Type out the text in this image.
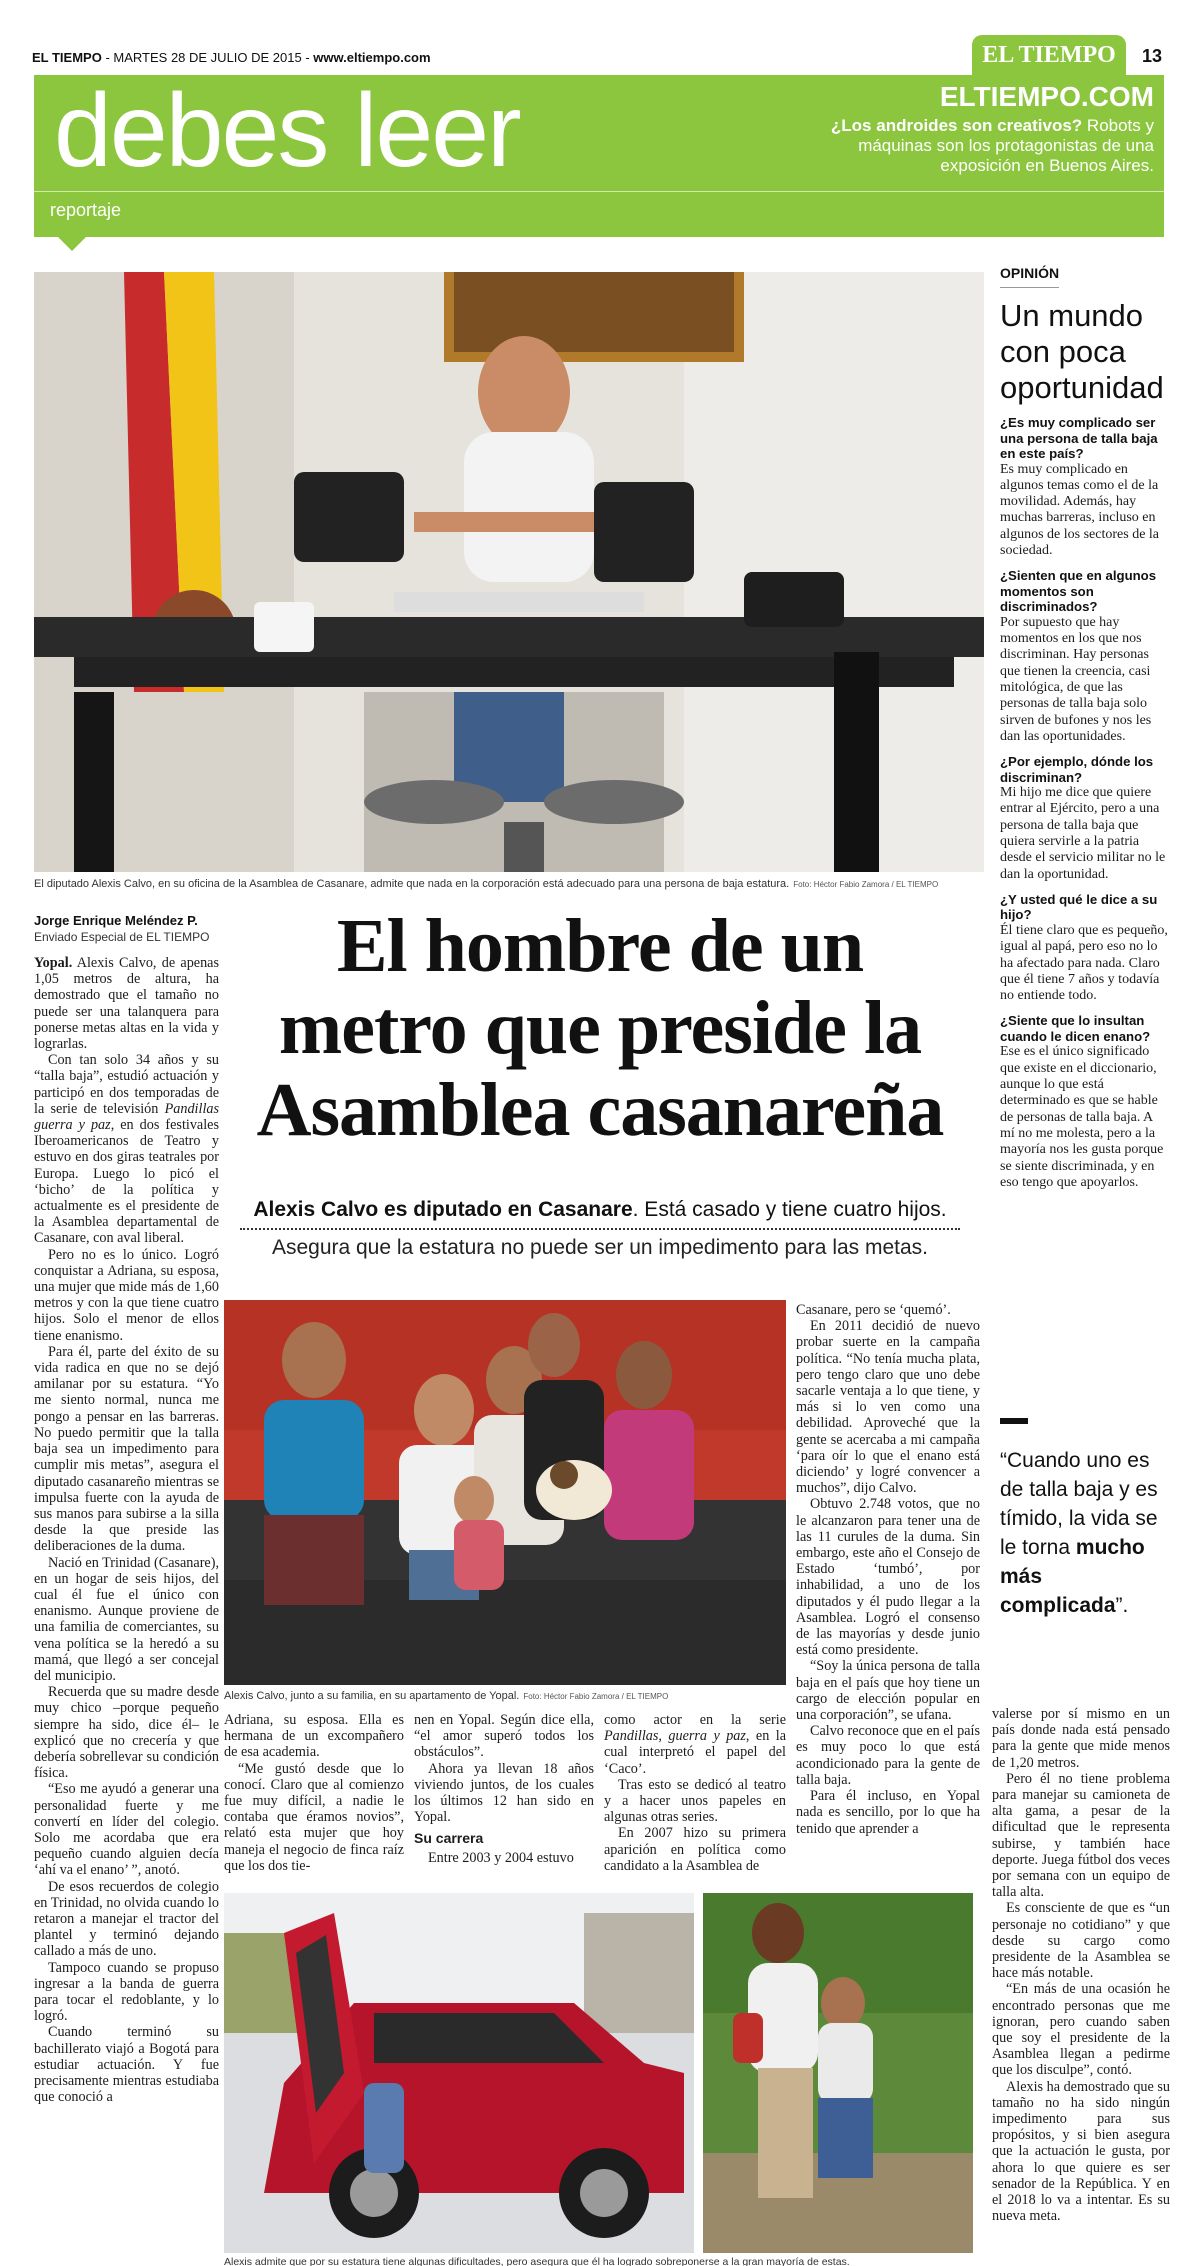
EL TIEMPO - MARTES 28 DE JULIO DE 2015 - www.eltiempo.com	EL TIEMPO	13
debes leer
reportaje
ELTIEMPO.COM
¿Los androides son creativos? Robots y máquinas son los protagonistas de una exposición en Buenos Aires.
El diputado Alexis Calvo, en su oficina de la Asamblea de Casanare, admite que nada en la corporación está adecuado para una persona de baja estatura. Foto: Héctor Fabio Zamora / EL TIEMPO
Jorge Enrique Meléndez P.
Enviado Especial de EL TIEMPO	El hombre de un
metro que preside la
Asamblea casanareña
Alexis Calvo es diputado en Casanare. Está casado y tiene cuatro hijos.
Asegura que la estatura no puede ser un impedimento para las metas.
Alexis Calvo, junto a su familia, en su apartamento de Yopal. Foto: Héctor Fabio Zamora / EL TIEMPO
Alexis admite que por su estatura tiene algunas dificultades, pero asegura que él ha logrado sobreponerse a la gran mayoría de estas.

Yopal. Alexis Calvo, de apenas 1,05 metros de altura, ha demostrado que el tamaño no puede ser una talanquera para ponerse metas altas en la vida y lograrlas.

Con tan solo 34 años y su “talla baja”, estudió actuación y participó en dos temporadas de la serie de televisión Pandillas guerra y paz, en dos festivales Iberoamericanos de Teatro y estuvo en dos giras teatrales por Europa. Luego lo picó el ‘bicho’ de la política y actualmente es el presidente de la Asamblea departamental de Casanare, con aval liberal.

Pero no es lo único. Logró conquistar a Adriana, su esposa, una mujer que mide más de 1,60 metros y con la que tiene cuatro hijos. Solo el menor de ellos tiene enanismo.

Para él, parte del éxito de su vida radica en que no se dejó amilanar por su estatura. “Yo me siento normal, nunca me pongo a pensar en las barreras. No puedo permitir que la talla baja sea un impedimento para cumplir mis metas”, asegura el diputado casanareño mientras se impulsa fuerte con la ayuda de sus manos para subirse a la silla desde la que preside las deliberaciones de la duma.

Nació en Trinidad (Casanare), en un hogar de seis hijos, del cual él fue el único con enanismo. Aunque proviene de una familia de comerciantes, su vena política se la heredó a su mamá, que llegó a ser concejal del municipio.

Recuerda que su madre desde muy chico –porque pequeño siempre ha sido, dice él– le explicó que no crecería y que debería sobrellevar su condición física.

“Eso me ayudó a generar una personalidad fuerte y me convertí en líder del colegio. Solo me acordaba que era pequeño cuando alguien decía ‘ahí va el enano’ ”, anotó.

De esos recuerdos de colegio en Trinidad, no olvida cuando lo retaron a manejar el tractor del plantel y terminó dejando callado a más de uno.

Tampoco cuando se propuso ingresar a la banda de guerra para tocar el redoblante, y lo logró.

Cuando terminó su bachillerato viajó a Bogotá para estudiar actuación. Y fue precisamente mientras estudiaba que conoció a

Adriana, su esposa. Ella es hermana de un excompañero de esa academia.

“Me gustó desde que lo conocí. Claro que al comienzo fue muy difícil, a nadie le contaba que éramos novios”, relató esta mujer que hoy maneja el negocio de finca raíz que los dos tie-

nen en Yopal. Según dice ella, “el amor superó todos los obstáculos”.

Ahora ya llevan 18 años viviendo juntos, de los cuales los últimos 12 han sido en Yopal.

Su carrera

Entre 2003 y 2004 estuvo

como actor en la serie Pandillas, guerra y paz, en la cual interpretó el papel del ‘Caco’.

Tras esto se dedicó al teatro y a hacer unos papeles en algunas otras series.

En 2007 hizo su primera aparición en política como candidato a la Asamblea de

Casanare, pero se ‘quemó’.

En 2011 decidió de nuevo probar suerte en la campaña política. “No tenía mucha plata, pero tengo claro que uno debe sacarle ventaja a lo que tiene, y más si lo ven como una debilidad. Aproveché que la gente se acercaba a mi campaña ‘para oír lo que el enano está diciendo’ y logré convencer a muchos”, dijo Calvo.

Obtuvo 2.748 votos, que no le alcanzaron para tener una de las 11 curules de la duma. Sin embargo, este año el Consejo de Estado ‘tumbó’, por inhabilidad, a uno de los diputados y él pudo llegar a la Asamblea. Logró el consenso de las mayorías y desde junio está como presidente.

“Soy la única persona de talla baja en el país que hoy tiene un cargo de elección popular en una corporación”, se ufana.

Calvo reconoce que en el país es muy poco lo que está acondicionado para la gente de talla baja.

Para él incluso, en Yopal nada es sencillo, por lo que ha tenido que aprender a

OPINIÓN
Un mundo con poca oportunidad
¿Es muy complicado ser una persona de talla baja en este país?
Es muy complicado en algunos temas como el de la movilidad. Además, hay muchas barreras, incluso en algunos de los sectores de la sociedad.
¿Sienten que en algunos momentos son discriminados?
Por supuesto que hay momentos en los que nos discriminan. Hay personas que tienen la creencia, casi mitológica, de que las personas de talla baja solo sirven de bufones y nos les dan las oportunidades.
¿Por ejemplo, dónde los discriminan?
Mi hijo me dice que quiere entrar al Ejército, pero a una persona de talla baja que quiera servirle a la patria desde el servicio militar no le dan la oportunidad.
¿Y usted qué le dice a su hijo?
Él tiene claro que es pequeño, igual al papá, pero eso no lo ha afectado para nada. Claro que él tiene 7 años y todavía no entiende todo.
¿Siente que lo insultan cuando le dicen enano?
Ese es el único significado que existe en el diccionario, aunque lo que está determinado es que se hable de personas de talla baja. A mí no me molesta, pero a la mayoría nos les gusta porque se siente discriminada, y en eso tengo que apoyarlos.
“Cuando uno es de talla baja y es tímido, la vida se le torna mucho más complicada”.

valerse por sí mismo en un país donde nada está pensado para la gente que mide menos de 1,20 metros.

Pero él no tiene problema para manejar su camioneta de alta gama, a pesar de la dificultad que le representa subirse, y también hace deporte. Juega fútbol dos veces por semana con un equipo de talla alta.

Es consciente de que es “un personaje no cotidiano” y que desde su cargo como presidente de la Asamblea se hace más notable.

“En más de una ocasión he encontrado personas que me ignoran, pero cuando saben que soy el presidente de la Asamblea llegan a pedirme que los disculpe”, contó.

Alexis ha demostrado que su tamaño no ha sido ningún impedimento para sus propósitos, y si bien asegura que la actuación le gusta, por ahora lo que quiere es ser senador de la República. Y en el 2018 lo va a intentar. Es su nueva meta.
